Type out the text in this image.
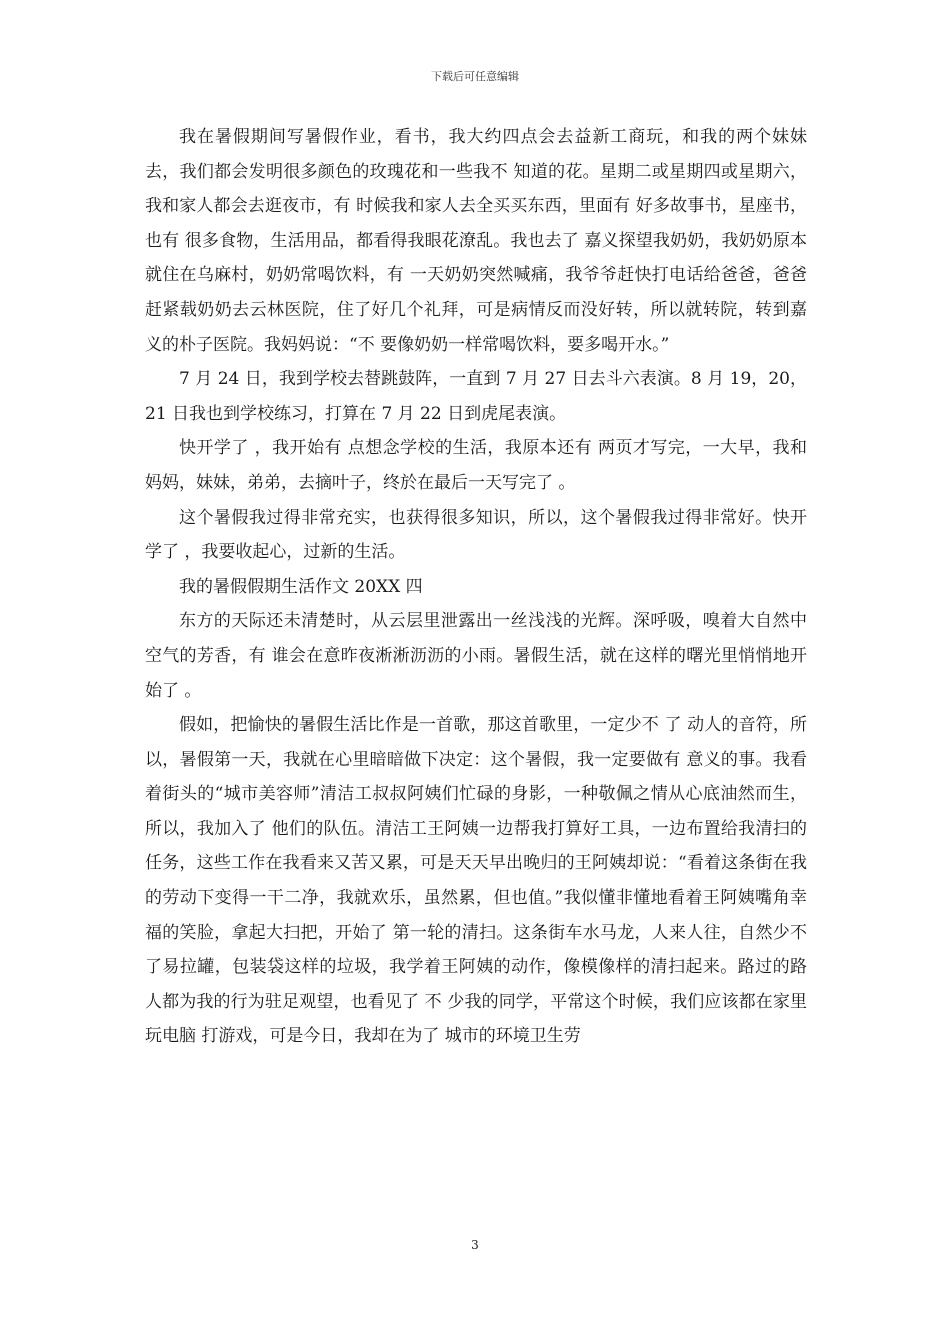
下载后可任意编辑

我在暑假期间写暑假作业，看书，我大约四点会去益新工商玩，和我的两个妹妹去，我们都会发明很多颜色的玫瑰花和一些我不 知道的花。星期二或星期四或星期六，我和家人都会去逛夜市，有 时候我和家人去全买买东西，里面有 好多故事书，星座书，也有 很多食物，生活用品，都看得我眼花潦乱。我也去了 嘉义探望我奶奶，我奶奶原本就住在乌麻村，奶奶常喝饮料，有 一天奶奶突然喊痛，我爷爷赶快打电话给爸爸，爸爸赶紧载奶奶去云林医院，住了好几个礼拜，可是病情反而没好转，所以就转院，转到嘉义的朴子医院。我妈妈说：“不 要像奶奶一样常喝饮料，要多喝开水。”

7 月 24 日，我到学校去替跳鼓阵，一直到 7 月 27 日去斗六表演。8 月 19，20，21 日我也到学校练习，打算在 7 月 22 日到虎尾表演。

快开学了 ，我开始有 点想念学校的生活，我原本还有 两页才写完，一大早，我和妈妈，妹妹，弟弟，去摘叶子，终於在最后一天写完了 。

这个暑假我过得非常充实，也获得很多知识，所以，这个暑假我过得非常好。快开学了 ，我要收起心，过新的生活。

我的暑假假期生活作文 20XX 四

东方的天际还未清楚时，从云层里泄露出一丝浅浅的光辉。深呼吸，嗅着大自然中空气的芳香，有 谁会在意昨夜淅淅沥沥的小雨。暑假生活，就在这样的曙光里悄悄地开始了 。

假如，把愉快的暑假生活比作是一首歌，那这首歌里，一定少不 了 动人的音符，所以，暑假第一天，我就在心里暗暗做下决定：这个暑假，我一定要做有 意义的事。我看着街头的“城市美容师”清洁工叔叔阿姨们忙碌的身影，一种敬佩之情从心底油然而生，所以，我加入了 他们的队伍。清洁工王阿姨一边帮我打算好工具，一边布置给我清扫的任务，这些工作在我看来又苦又累，可是天天早出晚归的王阿姨却说：“看着这条街在我的劳动下变得一干二净，我就欢乐，虽然累，但也值。”我似懂非懂地看着王阿姨嘴角幸福的笑脸，拿起大扫把，开始了 第一轮的清扫。这条街车水马龙，人来人往，自然少不 了易拉罐，包装袋这样的垃圾，我学着王阿姨的动作，像模像样的清扫起来。路过的路人都为我的行为驻足观望，也看见了 不 少我的同学，平常这个时候，我们应该都在家里玩电脑 打游戏，可是今日，我却在为了 城市的环境卫生劳

3
